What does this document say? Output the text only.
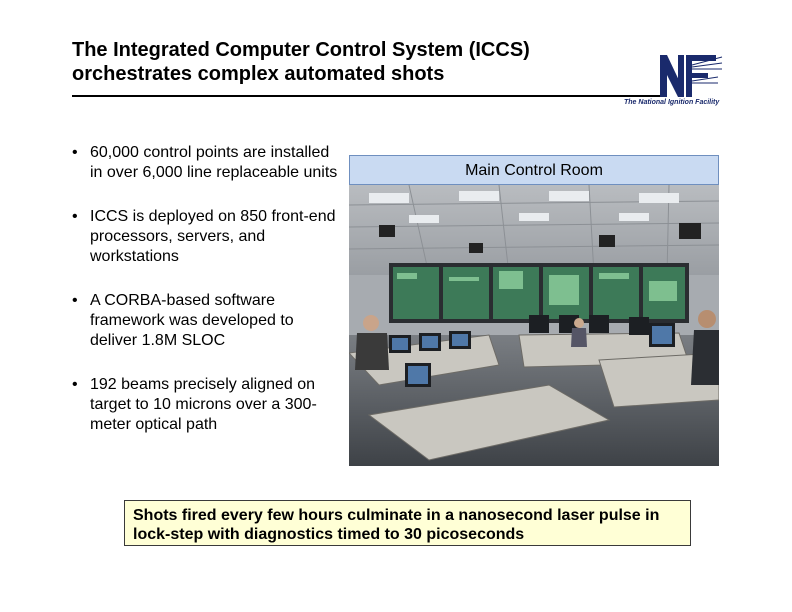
The Integrated Computer Control System (ICCS)
orchestrates complex automated shots
The National Ignition Facility
• 60,000 control points are installed in over 6,000 line replaceable units
• ICCS is deployed on 850 front-end processors, servers, and workstations
• A CORBA-based software framework was developed to deliver 1.8M SLOC
• 192 beams precisely aligned on target to 10 microns over a 300-meter optical path
Main Control Room
Shots fired every few hours culminate in a nanosecond laser pulse in lock-step with diagnostics timed to 30 picoseconds
